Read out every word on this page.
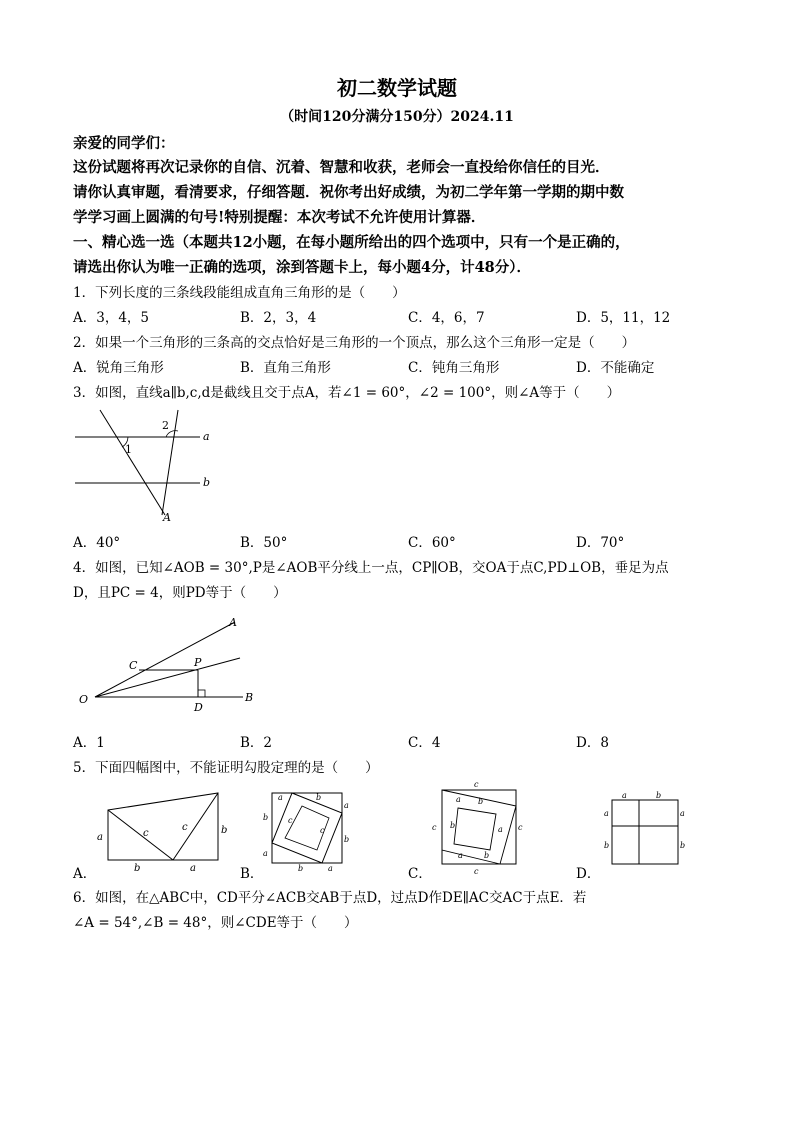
初二数学试题
（时间120分满分150分）2024.11
亲爱的同学们：
这份试题将再次记录你的自信、沉着、智慧和收获，老师会一直投给你信任的目光．
请你认真审题，看清要求，仔细答题．祝你考出好成绩，为初二学年第一学期的期中数
学学习画上圆满的句号!特别提醒：本次考试不允许使用计算器．
一、精心选一选（本题共12小题，在每小题所给出的四个选项中，只有一个是正确的，
请选出你认为唯一正确的选项，涂到答题卡上，每小题4分，计48分）．
1．下列长度的三条线段能组成直角三角形的是（　　）
A．3，4，5	B．2，3，4	C．4，6，7	D．5，11，12
2．如果一个三角形的三条高的交点恰好是三角形的一个顶点，那么这个三角形一定是（　　）
A．锐角三角形	B．直角三角形	C．钝角三角形	D．不能确定
3．如图，直线a∥b,c,d是截线且交于点A，若∠1 = 60°，∠2 = 100°，则∠A等于（　　）
1
2
a
b
A
A．40°	B．50°	C．60°	D．70°
4．如图，已知∠AOB = 30°,P是∠AOB平分线上一点，CP∥OB，交OA于点C,PD⊥OB，垂足为点
D，且PC = 4，则PD等于（　　）
O
A
B
C	P
D
A．1	B．2	C．4	D．8
5．下面四幅图中，不能证明勾股定理的是（　　）
a
b
c
c
a
b
A．
a	b
a
b
b
a
b	a
c
c
B．
c
c	c
c
a b
b	a
a	b
C．
a	b
a
b
a
b
D．
6．如图，在△ABC中，CD平分∠ACB交AB于点D，过点D作DE∥AC交AC于点E．若
∠A = 54°,∠B = 48°，则∠CDE等于（　　）
